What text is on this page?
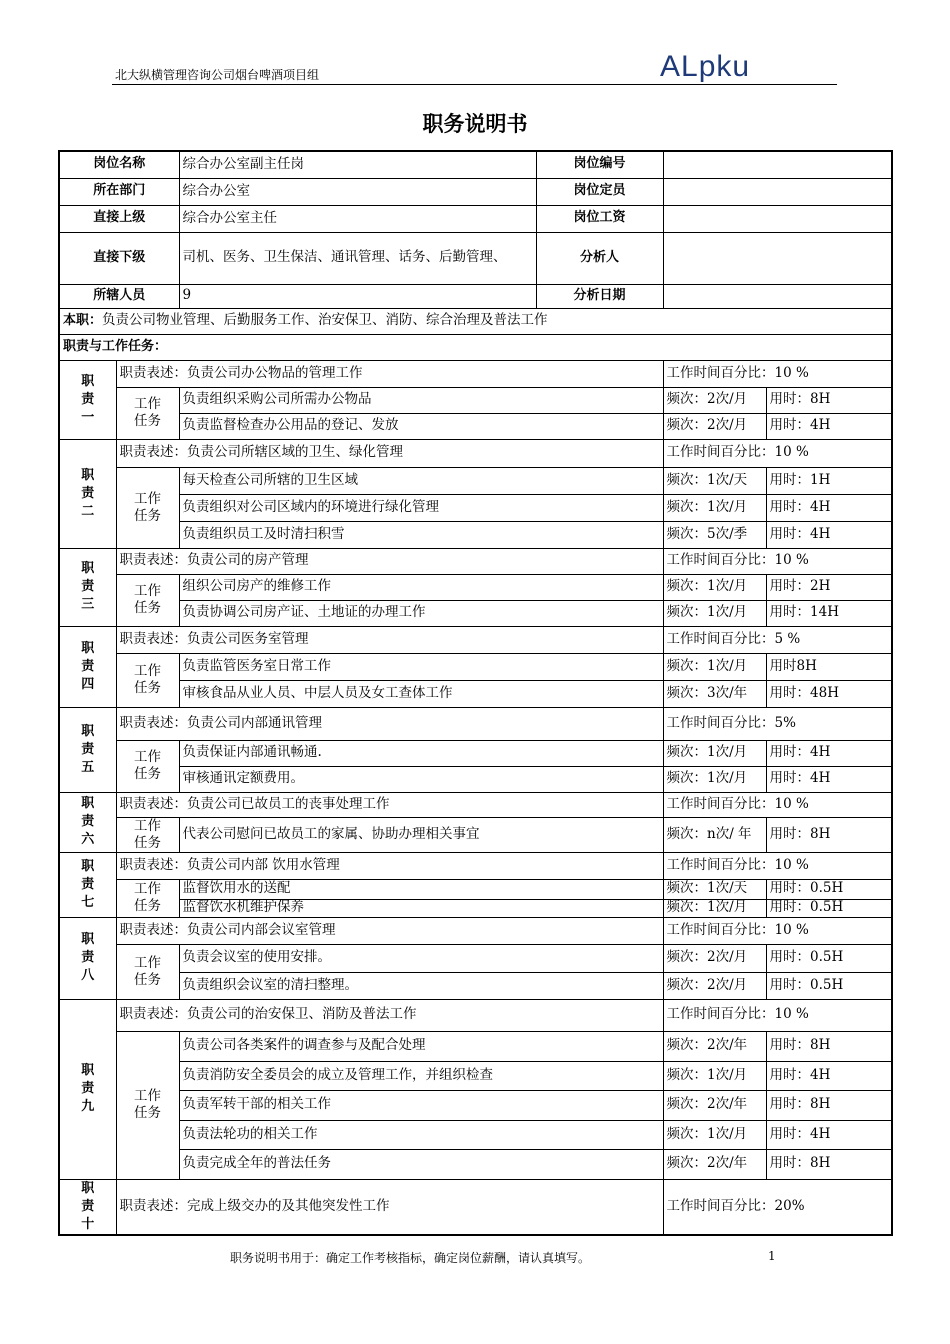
北大纵横管理咨询公司烟台啤酒项目组	ALpku
职务说明书
岗位名称		综合办公室副主任岗	岗位编号		
所在部门		综合办公室	岗位定员		
直接上级		综合办公室主任	岗位工资		
直接下级		司机、医务、卫生保洁、通讯管理、话务、后勤管理、	分析人		
所辖人员		9	分析日期		
本职：负责公司物业管理、后勤服务工作、治安保卫、消防、综合治理及普法工作					
职责与工作任务：					
职责一	职责表述：负责公司办公物品的管理工作			工作时间百分比：10 %	
	工作任务	负责组织采购公司所需办公物品		频次：2次/月	用时：8H
		负责监督检查办公用品的登记、发放		频次：2次/月	用时：4H
职责二	职责表述：负责公司所辖区域的卫生、绿化管理			工作时间百分比：10 %	
	工作任务	每天检查公司所辖的卫生区域		频次：1次/天	用时：1H
		负责组织对公司区域内的环境进行绿化管理		频次：1次/月	用时：4H
		负责组织员工及时清扫积雪		频次：5次/季	用时：4H
职责三	职责表述：负责公司的房产管理			工作时间百分比：10 %	
	工作任务	组织公司房产的维修工作		频次：1次/月	用时：2H
		负责协调公司房产证、土地证的办理工作		频次：1次/月	用时：14H
职责四	职责表述：负责公司医务室管理			工作时间百分比：5 %	
	工作任务	负责监管医务室日常工作		频次：1次/月	用时8H
		审核食品从业人员、中层人员及女工查体工作		频次：3次/年	用时：48H
职责五	职责表述：负责公司内部通讯管理			工作时间百分比：5%	
	工作任务	负责保证内部通讯畅通.		频次：1次/月	用时：4H
		审核通讯定额费用。		频次：1次/月	用时：4H
职责六	职责表述：负责公司已故员工的丧事处理工作			工作时间百分比：10 %	
	工作任务	代表公司慰问已故员工的家属、协助办理相关事宜		频次：n次/ 年	用时：8H
职责七	职责表述：负责公司内部 饮用水管理			工作时间百分比：10 %	
	工作任务	监督饮用水的送配		频次：1次/天	用时：0.5H
		监督饮水机维护保养		频次：1次/月	用时：0.5H
职责八	职责表述：负责公司内部会议室管理			工作时间百分比：10 %	
	工作任务	负责会议室的使用安排。		频次：2次/月	用时：0.5H
		负责组织会议室的清扫整理。		频次：2次/月	用时：0.5H
职责九	职责表述：负责公司的治安保卫、消防及普法工作			工作时间百分比：10 %	
	工作任务	负责公司各类案件的调查参与及配合处理		频次：2次/年	用时：8H
		负责消防安全委员会的成立及管理工作，并组织检查		频次：1次/月	用时：4H
		负责军转干部的相关工作		频次：2次/年	用时：8H
		负责法轮功的相关工作		频次：1次/月	用时：4H
		负责完成全年的普法任务		频次：2次/年	用时：8H
职责十	职责表述：完成上级交办的及其他突发性工作			工作时间百分比：20%	
职务说明书用于：确定工作考核指标，确定岗位薪酬，请认真填写。	1
